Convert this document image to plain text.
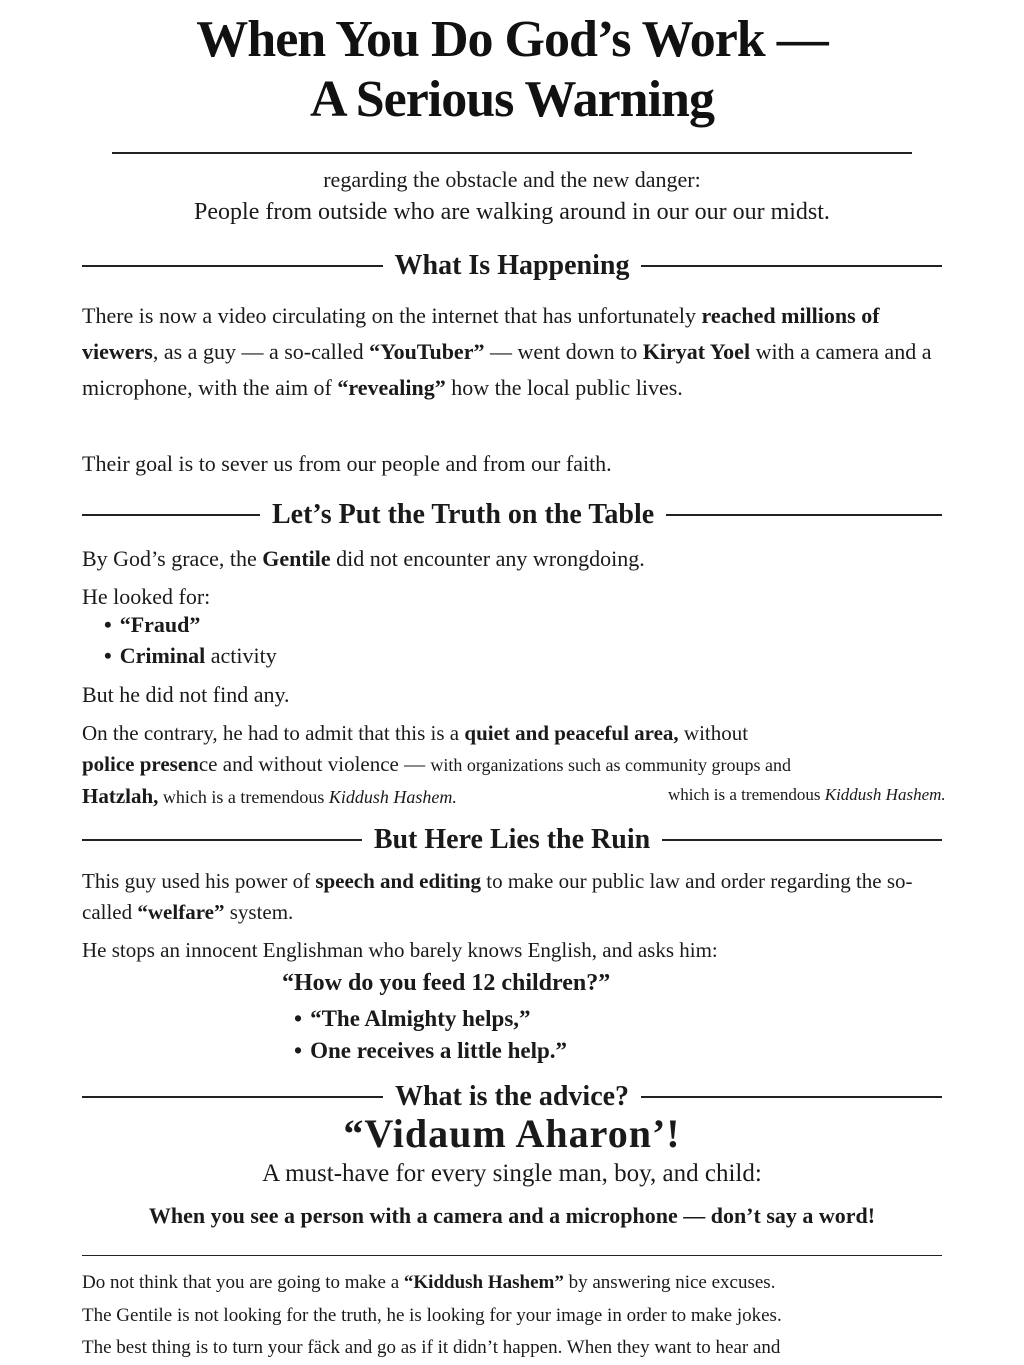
When You Do God’s Work —
A Serious Warning
regarding the obstacle and the new danger:
People from outside who are walking around in our our our midst.
What Is Happening
There is now a video circulating on the internet that has unfortunately reached millions of viewers, as a guy — a so-called “YouTuber” — went down to Kiryat Yoel with a camera and a microphone, with the aim of “revealing” how the local public lives.
Their goal is to sever us from our people and from our faith.
Let’s Put the Truth on the Table
By God’s grace, the Gentile did not encounter any wrongdoing.
He looked for:
• “Fraud”
• Criminal activity
But he did not find any.
On the contrary, he had to admit that this is a quiet and peaceful area, without
police presence and without violence — with organizations such as community groups and
Hatzlah, which is a tremendous Kiddush Hashem.	which is a tremendous Kiddush Hashem.
But Here Lies the Ruin
This guy used his power of speech and editing to make our public law and order regarding the so-called “welfare” system.
He stops an innocent Englishman who barely knows English, and asks him:
“How do you feed 12 children?”
• “The Almighty helps,”
• One receives a little help.”
What is the advice?
“Vidaum Aharon’!
A must-have for every single man, boy, and child:
When you see a person with a camera and a microphone — don’t say a word!
Do not think that you are going to make a “Kiddush Hashem” by answering nice excuses.
The Gentile is not looking for the truth, he is looking for your image in order to make jokes.
The best thing is to turn your fäck and go as if it didn’t happen. When they want to hear and
